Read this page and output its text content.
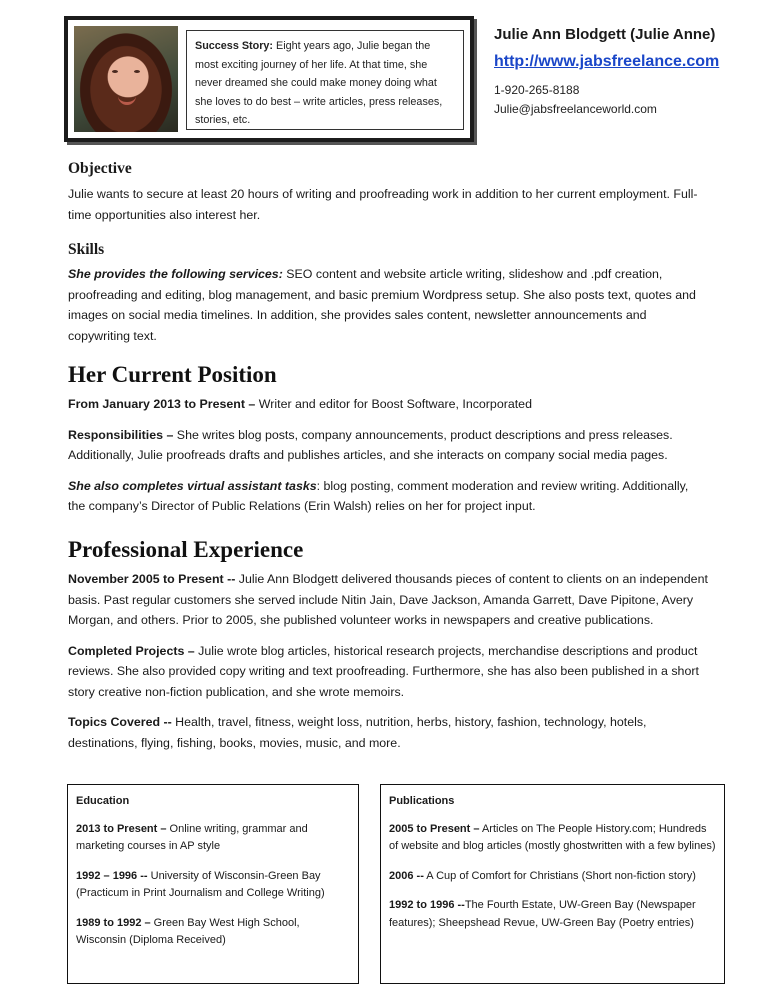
Success Story: Eight years ago, Julie began the most exciting journey of her life. At that time, she never dreamed she could make money doing what she loves to do best – write articles, press releases, stories, etc.
Julie Ann Blodgett (Julie Anne)
http://www.jabsfreelance.com
1-920-265-8188
Julie@jabsfreelanceworld.com
Objective

Julie wants to secure at least 20 hours of writing and proofreading work in addition to her current employment. Full-time opportunities also interest her.

Skills

She provides the following services: SEO content and website article writing, slideshow and .pdf creation, proofreading and editing, blog management, and basic premium Wordpress setup. She also posts text, quotes and images on social media timelines. In addition, she provides sales content, newsletter announcements and copywriting text.

Her Current Position

From January 2013 to Present – Writer and editor for Boost Software, Incorporated

Responsibilities – She writes blog posts, company announcements, product descriptions and press releases. Additionally, Julie proofreads drafts and publishes articles, and she interacts on company social media pages.

She also completes virtual assistant tasks: blog posting, comment moderation and review writing. Additionally, the company’s Director of Public Relations (Erin Walsh) relies on her for project input.

Professional Experience

November 2005 to Present -- Julie Ann Blodgett delivered thousands pieces of content to clients on an independent basis. Past regular customers she served include Nitin Jain, Dave Jackson, Amanda Garrett, Dave Pipitone, Avery Morgan, and others. Prior to 2005, she published volunteer works in newspapers and creative publications.

Completed Projects – Julie wrote blog articles, historical research projects, merchandise descriptions and product reviews. She also provided copy writing and text proofreading. Furthermore, she has also been published in a short story creative non-fiction publication, and she wrote memoirs.

Topics Covered -- Health, travel, fitness, weight loss, nutrition, herbs, history, fashion, technology, hotels, destinations, flying, fishing, books, movies, music, and more.

Education
2013 to Present – Online writing, grammar and marketing courses in AP style
1992 – 1996 -- University of Wisconsin-Green Bay (Practicum in Print Journalism and College Writing)
1989 to 1992 – Green Bay West High School, Wisconsin (Diploma Received)
Publications
2005 to Present – Articles on The People History.com; Hundreds of website and blog articles (mostly ghostwritten with a few bylines)
2006 -- A Cup of Comfort for Christians (Short non-fiction story)
1992 to 1996 --The Fourth Estate, UW-Green Bay (Newspaper features); Sheepshead Revue, UW-Green Bay (Poetry entries)
